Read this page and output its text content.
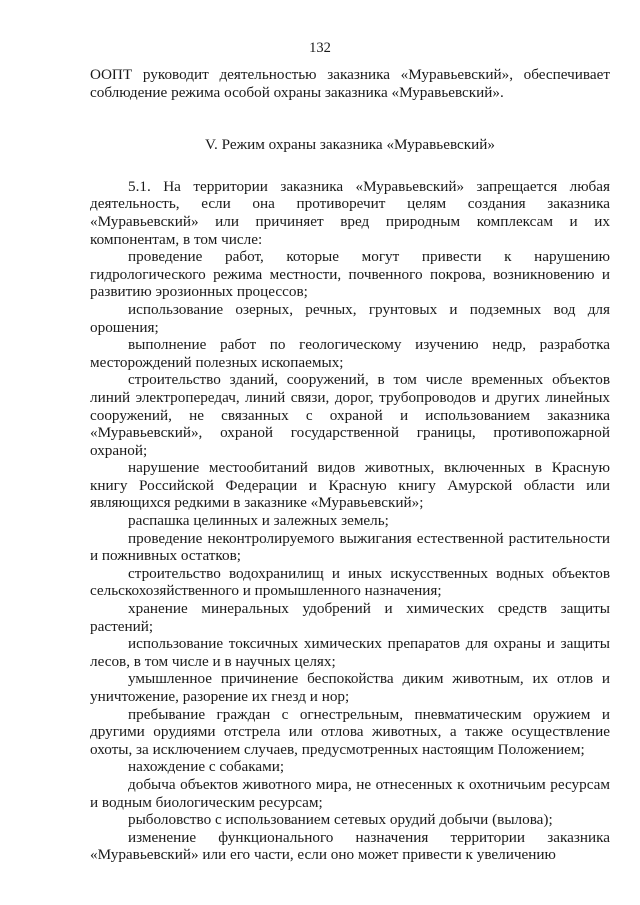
132

ООПТ руководит деятельностью заказника «Муравьевский», обеспечивает соблюдение режима особой охраны заказника «Муравьевский».

V. Режим охраны заказника «Муравьевский»

5.1. На территории заказника «Муравьевский» запрещается любая деятельность, если она противоречит целям создания заказника «Муравьевский» или причиняет вред природным комплексам и их компонентам, в том числе:

проведение работ, которые могут привести к нарушению гидрологического режима местности, почвенного покрова, возникновению и развитию эрозионных процессов;

использование озерных, речных, грунтовых и подземных вод для орошения;

выполнение работ по геологическому изучению недр, разработка месторождений полезных ископаемых;

строительство зданий, сооружений, в том числе временных объектов линий электропередач, линий связи, дорог, трубопроводов и других линейных сооружений, не связанных с охраной и использованием заказника «Муравьевский», охраной государственной границы, противопожарной охраной;

нарушение местообитаний видов животных, включенных в Красную книгу Российской Федерации и Красную книгу Амурской области или являющихся редкими в заказнике «Муравьевский»;

распашка целинных и залежных земель;

проведение неконтролируемого выжигания естественной растительности и пожнивных остатков;

строительство водохранилищ и иных искусственных водных объектов сельскохозяйственного и промышленного назначения;

хранение минеральных удобрений и химических средств защиты растений;

использование токсичных химических препаратов для охраны и защиты лесов, в том числе и в научных целях;

умышленное причинение беспокойства диким животным, их отлов и уничтожение, разорение их гнезд и нор;

пребывание граждан с огнестрельным, пневматическим оружием и другими орудиями отстрела или отлова животных, а также осуществление охоты, за исключением случаев, предусмотренных настоящим Положением;

нахождение с собаками;

добыча объектов животного мира, не отнесенных к охотничьим ресурсам и водным биологическим ресурсам;

рыболовство с использованием сетевых орудий добычи (вылова);

изменение функционального назначения территории заказника «Муравьевский» или его части, если оно может привести к увеличению
